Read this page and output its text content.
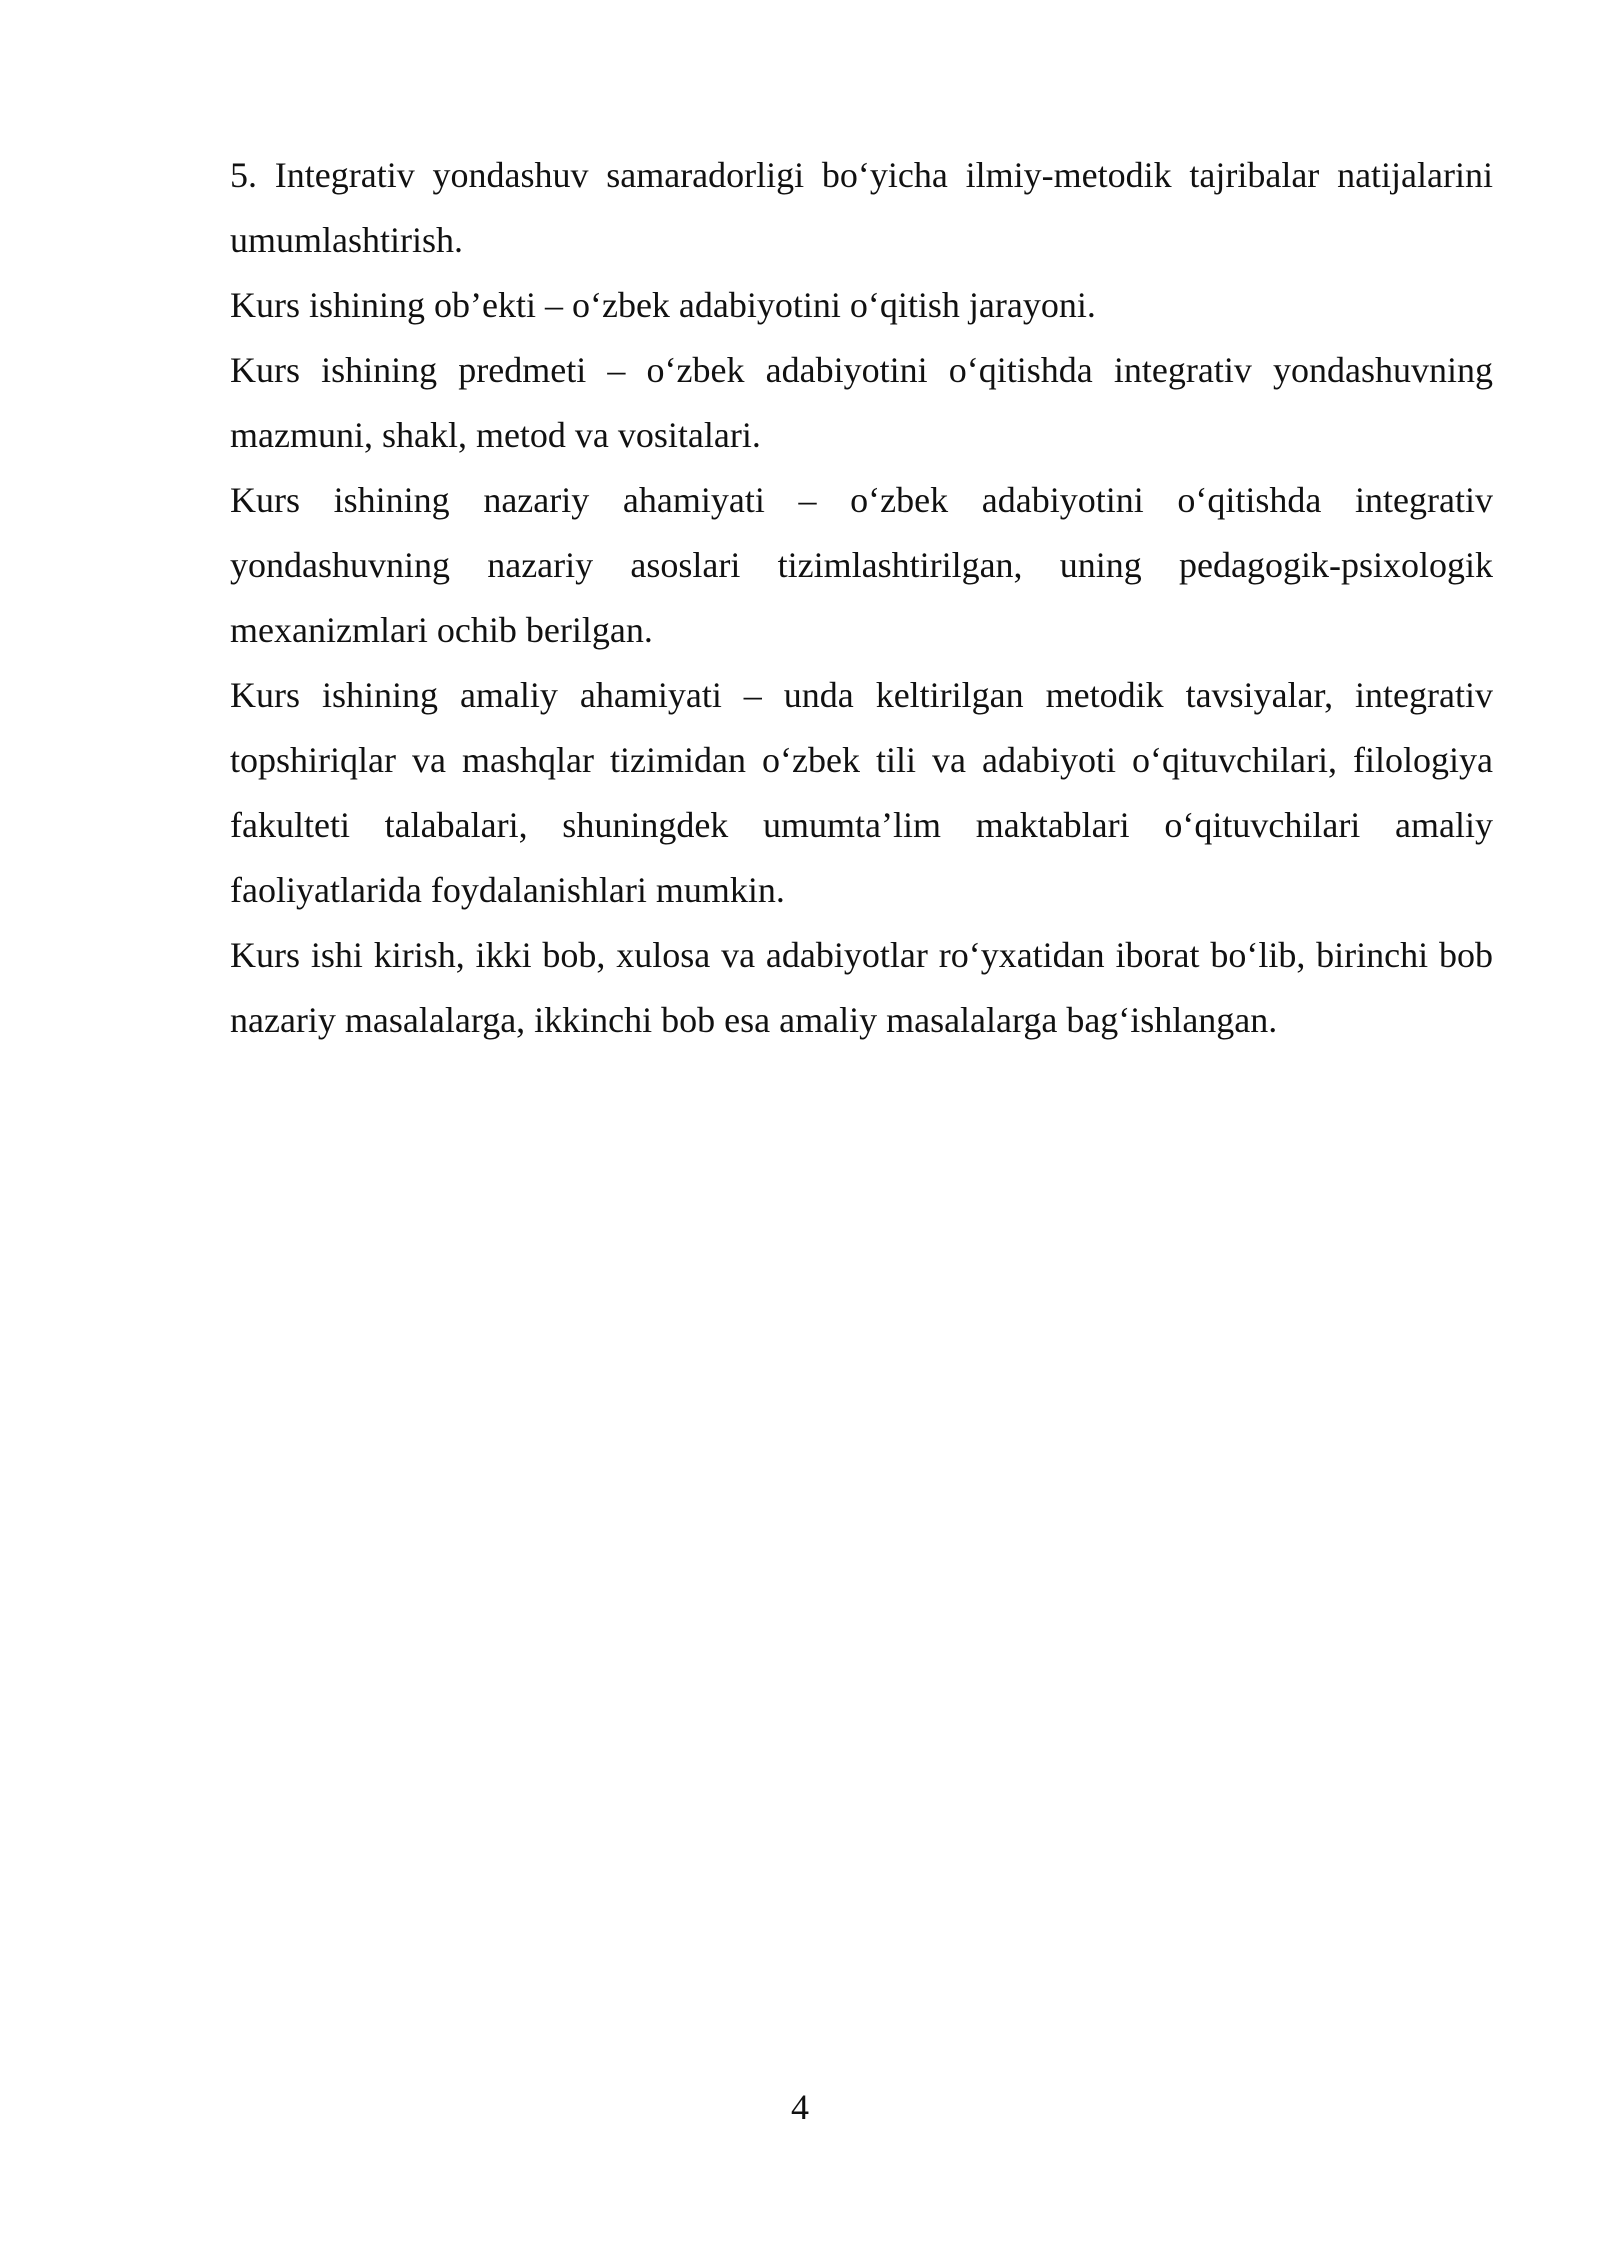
5. Integrativ yondashuv samaradorligi bo‘yicha ilmiy-metodik tajribalar natijalarini umumlashtirish.

Kurs ishining ob’ekti – o‘zbek adabiyotini o‘qitish jarayoni.

Kurs ishining predmeti – o‘zbek adabiyotini o‘qitishda integrativ yondashuvning mazmuni, shakl, metod va vositalari.

Kurs ishining nazariy ahamiyati – o‘zbek adabiyotini o‘qitishda integrativ yondashuvning nazariy asoslari tizimlashtirilgan, uning pedagogik-psixologik mexanizmlari ochib berilgan.

Kurs ishining amaliy ahamiyati – unda keltirilgan metodik tavsiyalar, integrativ topshiriqlar va mashqlar tizimidan o‘zbek tili va adabiyoti o‘qituvchilari, filologiya fakulteti talabalari, shuningdek umumta’lim maktablari o‘qituvchilari amaliy faoliyatlarida foydalanishlari mumkin.

Kurs ishi kirish, ikki bob, xulosa va adabiyotlar ro‘yxatidan iborat bo‘lib, birinchi bob nazariy masalalarga, ikkinchi bob esa amaliy masalalarga bag‘ishlangan.

4
